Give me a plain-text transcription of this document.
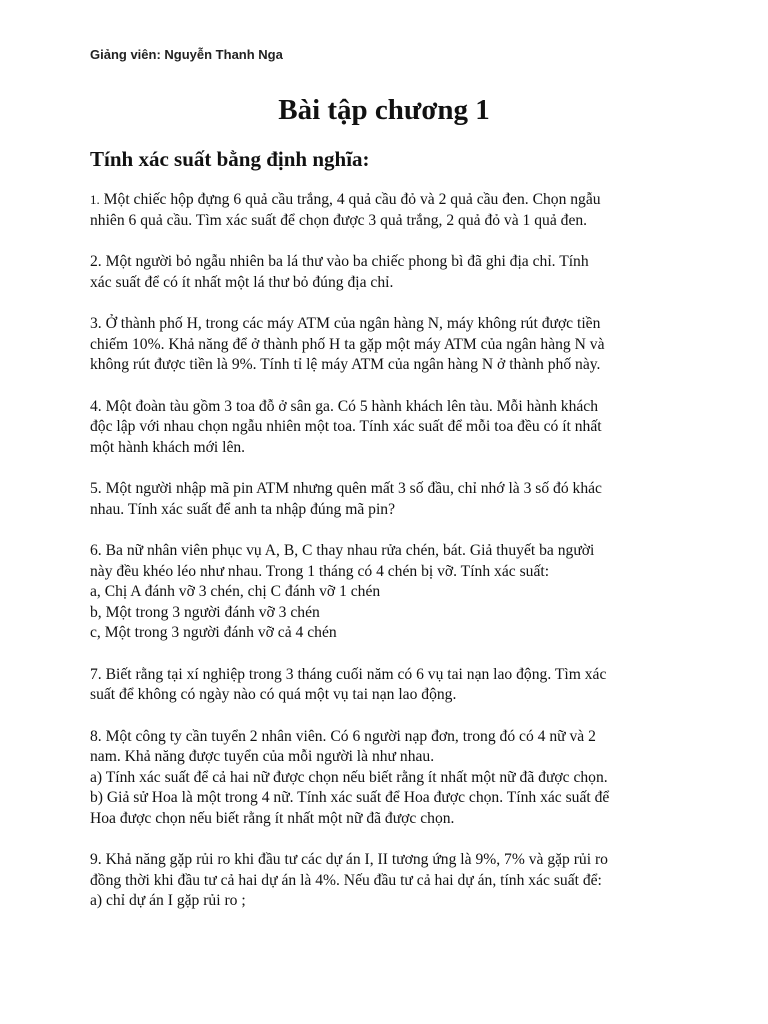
Giảng viên: Nguyễn Thanh Nga
Bài tập chương 1
Tính xác suất bằng định nghĩa:
1. Một chiếc hộp đựng 6 quả cầu trắng, 4 quả cầu đỏ và 2 quả cầu đen. Chọn ngẫu
nhiên 6 quả cầu. Tìm xác suất để chọn được 3 quả trắng, 2 quả đỏ và 1 quả đen.
2. Một người bỏ ngẫu nhiên ba lá thư vào ba chiếc phong bì đã ghi địa chỉ. Tính
xác suất để có ít nhất một lá thư bỏ đúng địa chỉ.
3. Ở thành phố H, trong các máy ATM của ngân hàng N, máy không rút được tiền
chiếm 10%. Khả năng để ở thành phố H ta gặp một máy ATM của ngân hàng N và
không rút được tiền là 9%. Tính tỉ lệ máy ATM của ngân hàng N ở thành phố này.
4. Một đoàn tàu gồm 3 toa đỗ ở sân ga. Có 5 hành khách lên tàu. Mỗi hành khách
độc lập với nhau chọn ngẫu nhiên một toa. Tính xác suất để mỗi toa đều có ít nhất
một hành khách mới lên.
5. Một người nhập mã pin ATM nhưng quên mất 3 số đầu, chỉ nhớ là 3 số đó khác
nhau. Tính xác suất để anh ta nhập đúng mã pin?
6. Ba nữ nhân viên phục vụ A, B, C thay nhau rửa chén, bát. Giả thuyết ba người
này đều khéo léo như nhau. Trong 1 tháng có 4 chén bị vỡ. Tính xác suất:
a, Chị A đánh vỡ 3 chén, chị C đánh vỡ 1 chén
b, Một trong 3 người đánh vỡ 3 chén
c, Một trong 3 người đánh vỡ cả 4 chén
7. Biết rằng tại xí nghiệp trong 3 tháng cuối năm có 6 vụ tai nạn lao động. Tìm xác
suất để không có ngày nào có quá một vụ tai nạn lao động.
8. Một công ty cần tuyển 2 nhân viên. Có 6 người nạp đơn, trong đó có 4 nữ và 2
nam. Khả năng được tuyển của mỗi người là như nhau.
a) Tính xác suất để cả hai nữ được chọn nếu biết rằng ít nhất một nữ đã được chọn.
b) Giả sử Hoa là một trong 4 nữ. Tính xác suất để Hoa được chọn. Tính xác suất để
Hoa được chọn nếu biết rằng ít nhất một nữ đã được chọn.
9. Khả năng gặp rủi ro khi đầu tư các dự án I, II tương ứng là 9%, 7% và gặp rủi ro
đồng thời khi đầu tư cả hai dự án là 4%. Nếu đầu tư cả hai dự án, tính xác suất để:
a) chỉ dự án I gặp rủi ro ;
